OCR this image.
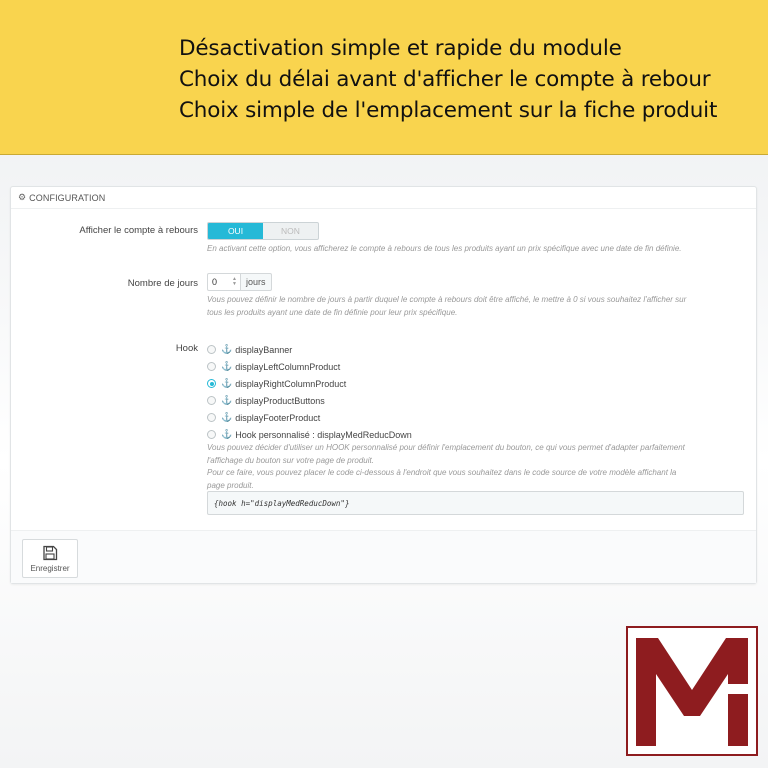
Désactivation simple et rapide du module
Choix du délai avant d'afficher le compte à rebour
Choix simple de l'emplacement sur la fiche produit
⚙ CONFIGURATION
Afficher le compte à rebours	OUI	NON
En activant cette option, vous afficherez le compte à rebours de tous les produits ayant un prix spécifique avec une date de fin définie.
Nombre de jours 0	▲
▼	jours
Vous pouvez définir le nombre de jours à partir duquel le compte à rebours doit être affiché, le mettre à 0 si vous souhaitez l'afficher sur
tous les produits ayant une date de fin définie pour leur prix spécifique.
Hook	⚓ displayBanner
⚓ displayLeftColumnProduct
⚓ displayRightColumnProduct
⚓ displayProductButtons
⚓ displayFooterProduct
⚓ Hook personnalisé : displayMedReducDown
Vous pouvez décider d'utiliser un HOOK personnalisé pour définir l'emplacement du bouton, ce qui vous permet d'adapter parfaitement
l'affichage du bouton sur votre page de produit.
Pour ce faire, vous pouvez placer le code ci-dessous à l'endroit que vous souhaitez dans le code source de votre modèle affichant la
page produit.
{hook h="displayMedReducDown"}
Enregistrer
